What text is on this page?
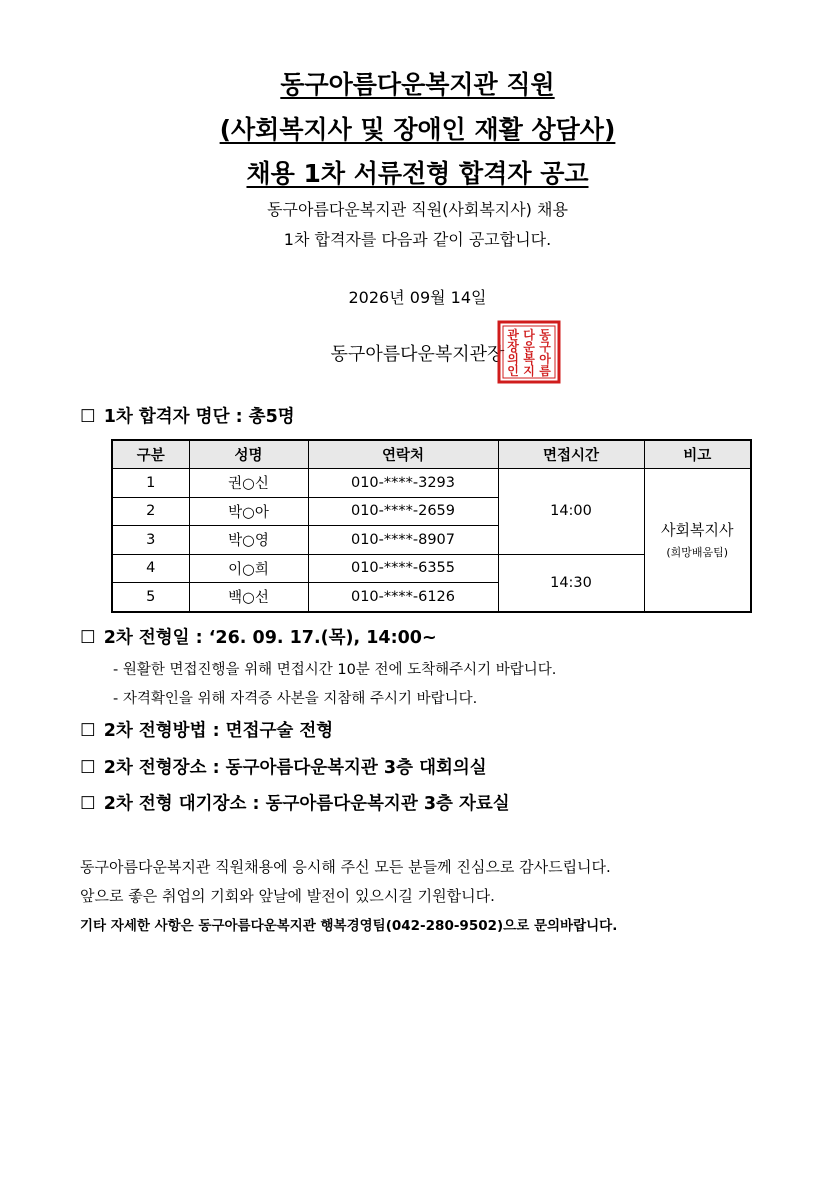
동구아름다운복지관 직원
(사회복지사 및 장애인 재활 상담사)
채용 1차 서류전형 합격자 공고
동구아름다운복지관 직원(사회복지사) 채용
1차 합격자를 다음과 같이 공고합니다.
2026년 09월 14일
동구아름다운복지관장
동
구
아
름
다
운
복
지
관
장
의
인
☐ 1차 합격자 명단 : 총5명
구분	성명	연락처	면접시간	비고
1	권○신	010-****-3293	14:00	사회복지사
(희망배움팀)

2	박○아	010-****-2659		
3	박○영	010-****-8907		
4	이○희	010-****-6355	14:30	
5	백○선	010-****-6126		
☐ 2차 전형일 : ‘26. 09. 17.(목), 14:00~
- 원활한 면접진행을 위해 면접시간 10분 전에 도착해주시기 바랍니다.
- 자격확인을 위해 자격증 사본을 지참해 주시기 바랍니다.
☐ 2차 전형방법 : 면접구술 전형
☐ 2차 전형장소 : 동구아름다운복지관 3층 대회의실
☐ 2차 전형 대기장소 : 동구아름다운복지관 3층 자료실
동구아름다운복지관 직원채용에 응시해 주신 모든 분들께 진심으로 감사드립니다.
앞으로 좋은 취업의 기회와 앞날에 발전이 있으시길 기원합니다.
기타 자세한 사항은 동구아름다운복지관 행복경영팀(042-280-9502)으로 문의바랍니다.
